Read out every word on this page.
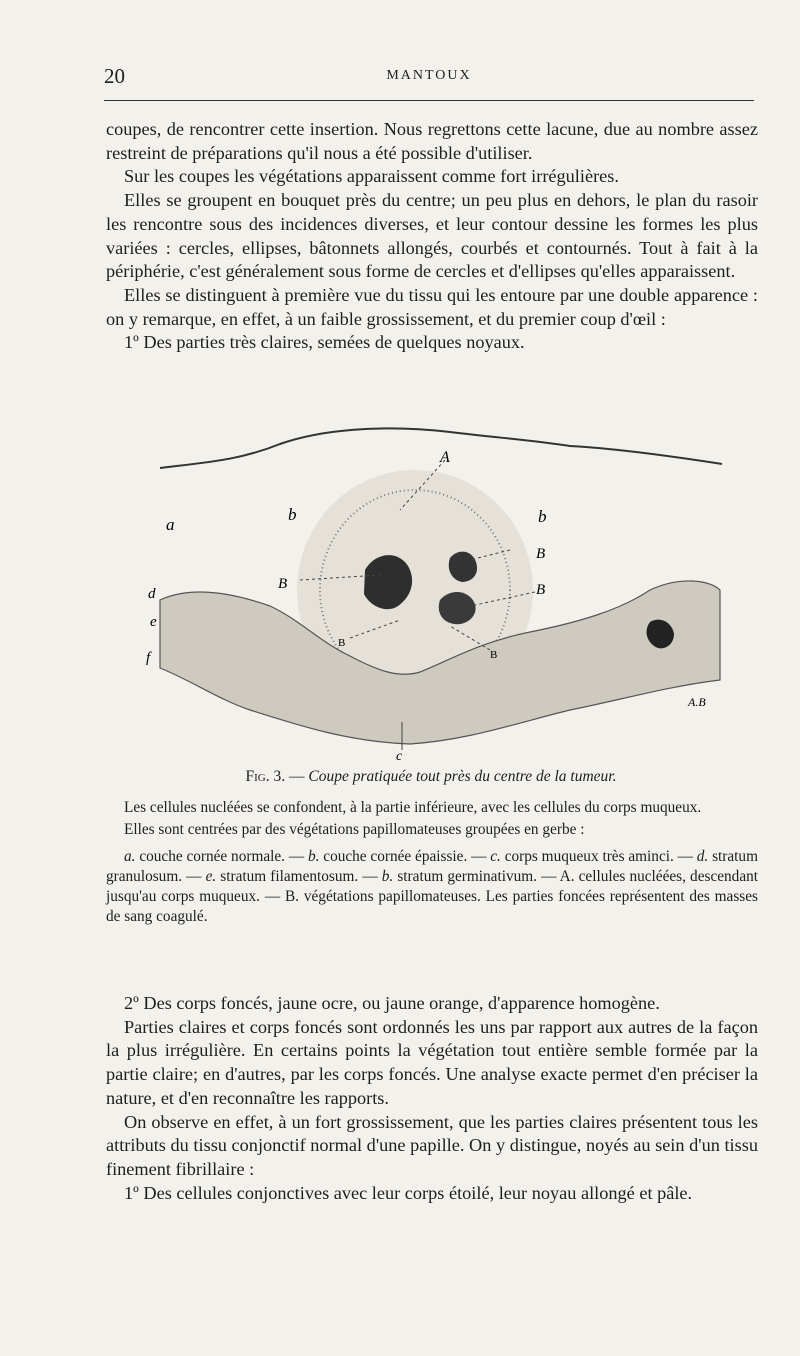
20	MANTOUX

coupes, de rencontrer cette insertion. Nous regrettons cette lacune, due au nombre assez restreint de préparations qu'il nous a été possible d'utiliser.

Sur les coupes les végétations apparaissent comme fort irrégulières.

Elles se groupent en bouquet près du centre; un peu plus en dehors, le plan du rasoir les rencontre sous des incidences diverses, et leur contour dessine les formes les plus variées : cercles, ellipses, bâtonnets allongés, courbés et contournés. Tout à fait à la périphérie, c'est généralement sous forme de cercles et d'ellipses qu'elles apparaissent.

Elles se distinguent à première vue du tissu qui les entoure par une double apparence : on y remarque, en effet, à un faible grossissement, et du premier coup d'œil :

1º Des parties très claires, semées de quelques noyaux.

A
b	b
a
B
B	B
B
B
d
e
f
c
A.B
Fig. 3. — Coupe pratiquée tout près du centre de la tumeur.

Les cellules nucléées se confondent, à la partie inférieure, avec les cellules du corps muqueux.

Elles sont centrées par des végétations papillomateuses groupées en gerbe :

a. couche cornée normale. — b. couche cornée épaissie. — c. corps muqueux très aminci. — d. stratum granulosum. — e. stratum filamentosum. — b. stratum germinativum. — A. cellules nucléées, descendant jusqu'au corps muqueux. — B. végétations papillomateuses. Les parties foncées représentent des masses de sang coagulé.

2º Des corps foncés, jaune ocre, ou jaune orange, d'apparence homogène.

Parties claires et corps foncés sont ordonnés les uns par rapport aux autres de la façon la plus irrégulière. En certains points la végétation tout entière semble formée par la partie claire; en d'autres, par les corps foncés. Une analyse exacte permet d'en préciser la nature, et d'en reconnaître les rapports.

On observe en effet, à un fort grossissement, que les parties claires présentent tous les attributs du tissu conjonctif normal d'une papille. On y distingue, noyés au sein d'un tissu finement fibrillaire :

1º Des cellules conjonctives avec leur corps étoilé, leur noyau allongé et pâle.
